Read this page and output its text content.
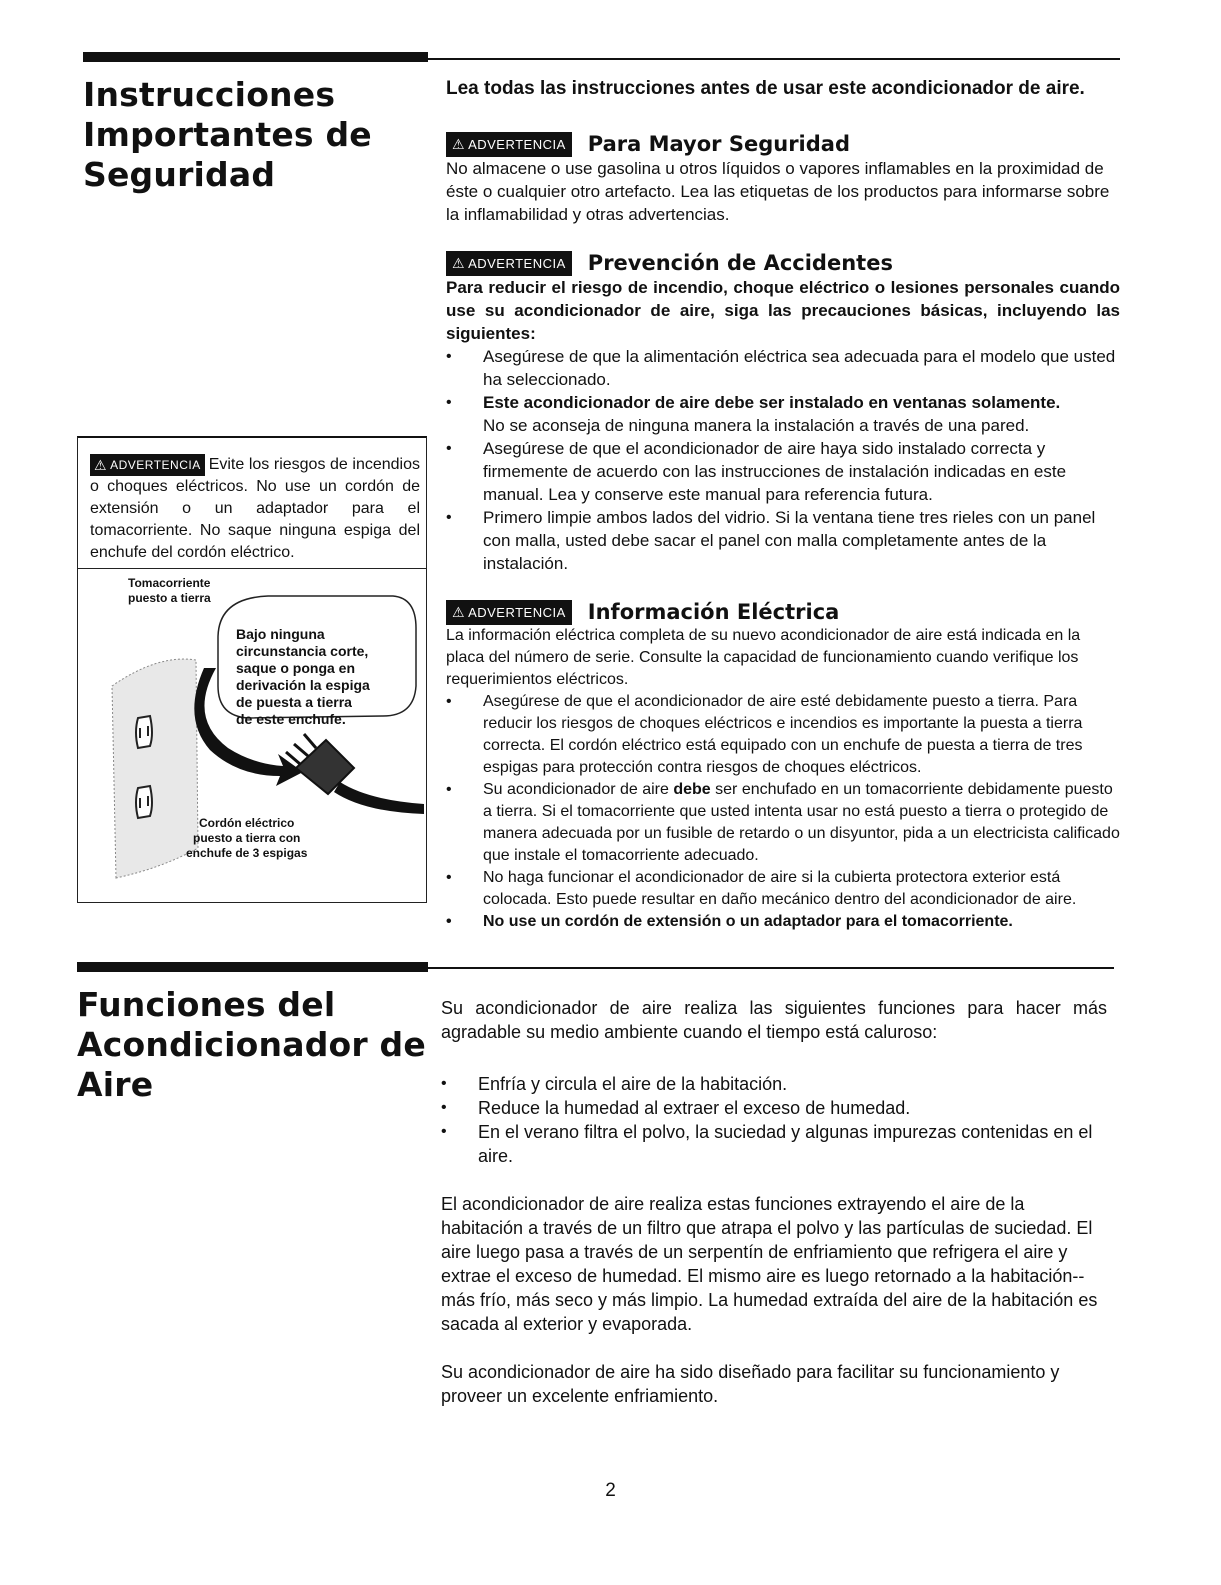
Instrucciones
Importantes de
Seguridad

Lea todas las instrucciones antes de usar este acondicionador de aire.

⚠ ADVERTENCIA Para Mayor Seguridad

No almacene o use gasolina u otros líquidos o vapores inflamables en la proximidad de éste o cualquier otro artefacto. Lea las etiquetas de los productos para informarse sobre la inflamabilidad y otras advertencias.

⚠ ADVERTENCIA Prevención de Accidentes

Para reducir el riesgo de incendio, choque eléctrico o lesiones personales cuando use su acondicionador de aire, siga las precauciones básicas, incluyendo las siguientes:

• Asegúrese de que la alimentación eléctrica sea adecuada para el modelo que usted ha seleccionado.
• Este acondicionador de aire debe ser instalado en ventanas solamente.
No se aconseja de ninguna manera la instalación a través de una pared.
• Asegúrese de que el acondicionador de aire haya sido instalado correcta y firmemente de acuerdo con las instrucciones de instalación indicadas en este manual. Lea y conserve este manual para referencia futura.
• Primero limpie ambos lados del vidrio. Si la ventana tiene tres rieles con un panel con malla, usted debe sacar el panel con malla completamente antes de la instalación.
⚠ ADVERTENCIA Información Eléctrica

La información eléctrica completa de su nuevo acondicionador de aire está indicada en la placa del número de serie. Consulte la capacidad de funcionamiento cuando verifique los requerimientos eléctricos.

• Asegúrese de que el acondicionador de aire esté debidamente puesto a tierra. Para reducir los riesgos de choques eléctricos e incendios es importante la puesta a tierra correcta. El cordón eléctrico está equipado con un enchufe de puesta a tierra de tres espigas para protección contra riesgos de choques eléctricos.
• Su acondicionador de aire debe ser enchufado en un tomacorriente debidamente puesto a tierra. Si el tomacorriente que usted intenta usar no está puesto a tierra o protegido de manera adecuada por un fusible de retardo o un disyuntor, pida a un electricista calificado que instale el tomacorriente adecuado.
• No haga funcionar el acondicionador de aire si la cubierta protectora exterior está colocada. Esto puede resultar en daño mecánico dentro del acondicionador de aire.
• No use un cordón de extensión o un adaptador para el tomacorriente.

⚠ ADVERTENCIA Evite los riesgos de incendios o choques eléctricos. No use un cordón de extensión o un adaptador para el tomacorriente. No saque ninguna espiga del enchufe del cordón eléctrico.

Tomacorriente
puesto a tierra

Bajo ninguna
circunstancia corte,
saque o ponga en
derivación la espiga
de puesta a tierra
de este enchufe.

Cordón eléctrico
puesto a tierra con
enchufe de 3 espigas

Funciones del
Acondicionador de
Aire

Su acondicionador de aire realiza las siguientes funciones para hacer más agradable su medio ambiente cuando el tiempo está caluroso:

• Enfría y circula el aire de la habitación.
• Reduce la humedad al extraer el exceso de humedad.
• En el verano filtra el polvo, la suciedad y algunas impurezas contenidas en el aire.

El acondicionador de aire realiza estas funciones extrayendo el aire de la habitación a través de un filtro que atrapa el polvo y las partículas de suciedad. El aire luego pasa a través de un serpentín de enfriamiento que refrigera el aire y extrae el exceso de humedad. El mismo aire es luego retornado a la habitación--más frío, más seco y más limpio. La humedad extraída del aire de la habitación es sacada al exterior y evaporada.

Su acondicionador de aire ha sido diseñado para facilitar su funcionamiento y proveer un excelente enfriamiento.

2
